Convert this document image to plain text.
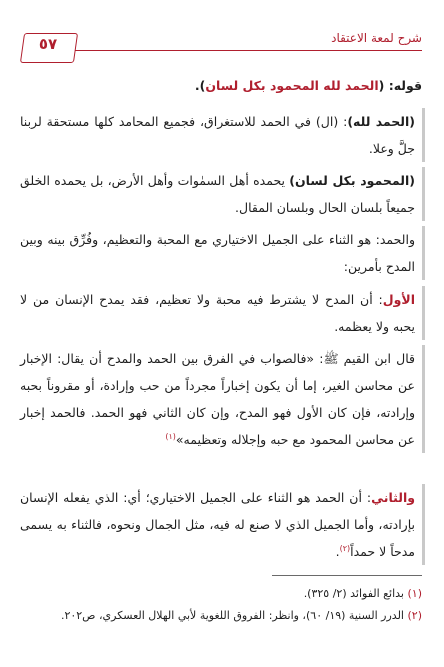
شرح لمعة الاعتقاد
٥٧
قوله: (الحمد لله المحمود بكل لسان).
(الحمد لله): (ال) في الحمد للاستغراق، فجميع المحامد كلها مستحقة لربنا جلَّ وعلا.
(المحمود بكل لسان) يحمده أهل السمٰوات وأهل الأرض، بل يحمده الخلق جميعاً بلسان الحال وبلسان المقال.
والحمد: هو الثناء على الجميل الاختياري مع المحبة والتعظيم، وفُرِّق بينه وبين المدح بأمرين:
الأول: أن المدح لا يشترط فيه محبة ولا تعظيم، فقد يمدح الإنسان من لا يحبه ولا يعظمه.
قال ابن القيم ﷺ: «فالصواب في الفرق بين الحمد والمدح أن يقال: الإخبار عن محاسن الغير، إما أن يكون إخباراً مجرداً من حب وإرادة، أو مقروناً بحبه وإرادته، فإن كان الأول فهو المدح، وإن كان الثاني فهو الحمد. فالحمد إخبار عن محاسن المحمود مع حبه وإجلاله وتعظيمه»$^{(١)}$
والثاني: أن الحمد هو الثناء على الجميل الاختياري؛ أي: الذي يفعله الإنسان بإرادته، وأما الجميل الذي لا صنع له فيه، مثل الجمال ونحوه، فالثناء به يسمى مدحاً لا حمداً$^{(٢)}$.
(١) بدائع الفوائد (٢/ ٣٢٥).
(٢) الدرر السنية (١٩/ ٦٠)، وانظر: الفروق اللغوية لأبي الهلال العسكري، ص٢٠٢.
